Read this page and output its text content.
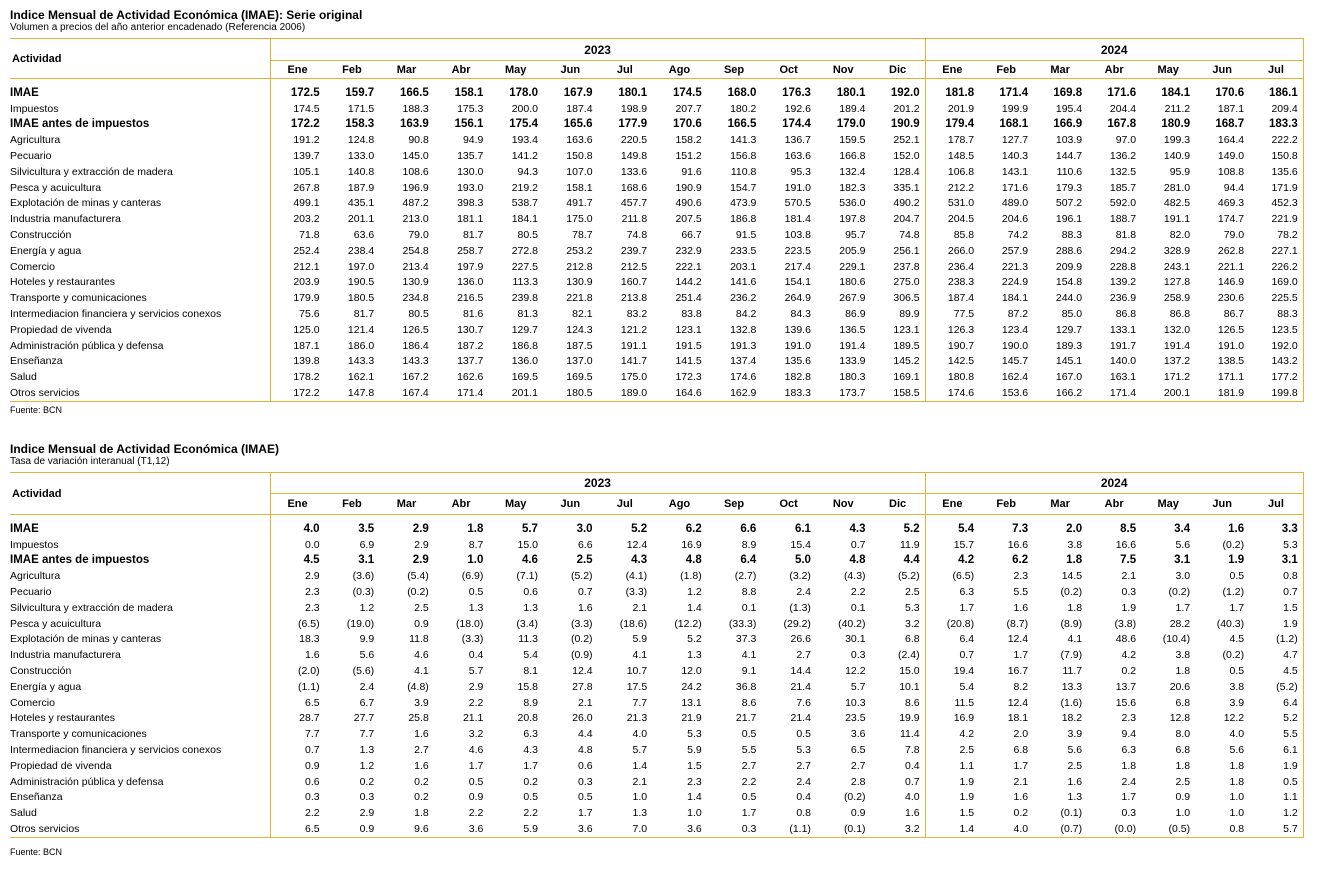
Indice Mensual de Actividad Económica (IMAE): Serie original
Volumen a precios del año anterior encadenado (Referencia 2006)
Actividad	2023												2024						
	Ene	Feb	Mar	Abr	May	Jun	Jul	Ago	Sep	Oct	Nov	Dic	Ene	Feb	Mar	Abr	May	Jun	Jul

IMAE	172.5	159.7	166.5	158.1	178.0	167.9	180.1	174.5	168.0	176.3	180.1	192.0	181.8	171.4	169.8	171.6	184.1	170.6	186.1
Impuestos	174.5	171.5	188.3	175.3	200.0	187.4	198.9	207.7	180.2	192.6	189.4	201.2	201.9	199.9	195.4	204.4	211.2	187.1	209.4
IMAE antes de impuestos	172.2	158.3	163.9	156.1	175.4	165.6	177.9	170.6	166.5	174.4	179.0	190.9	179.4	168.1	166.9	167.8	180.9	168.7	183.3
Agricultura	191.2	124.8	90.8	94.9	193.4	163.6	220.5	158.2	141.3	136.7	159.5	252.1	178.7	127.7	103.9	97.0	199.3	164.4	222.2
Pecuario	139.7	133.0	145.0	135.7	141.2	150.8	149.8	151.2	156.8	163.6	166.8	152.0	148.5	140.3	144.7	136.2	140.9	149.0	150.8
Silvicultura y extracción de madera	105.1	140.8	108.6	130.0	94.3	107.0	133.6	91.6	110.8	95.3	132.4	128.4	106.8	143.1	110.6	132.5	95.9	108.8	135.6
Pesca y acuicultura	267.8	187.9	196.9	193.0	219.2	158.1	168.6	190.9	154.7	191.0	182.3	335.1	212.2	171.6	179.3	185.7	281.0	94.4	171.9
Explotación de minas y canteras	499.1	435.1	487.2	398.3	538.7	491.7	457.7	490.6	473.9	570.5	536.0	490.2	531.0	489.0	507.2	592.0	482.5	469.3	452.3
Industria manufacturera	203.2	201.1	213.0	181.1	184.1	175.0	211.8	207.5	186.8	181.4	197.8	204.7	204.5	204.6	196.1	188.7	191.1	174.7	221.9
Construcción	71.8	63.6	79.0	81.7	80.5	78.7	74.8	66.7	91.5	103.8	95.7	74.8	85.8	74.2	88.3	81.8	82.0	79.0	78.2
Energía y agua	252.4	238.4	254.8	258.7	272.8	253.2	239.7	232.9	233.5	223.5	205.9	256.1	266.0	257.9	288.6	294.2	328.9	262.8	227.1
Comercio	212.1	197.0	213.4	197.9	227.5	212.8	212.5	222.1	203.1	217.4	229.1	237.8	236.4	221.3	209.9	228.8	243.1	221.1	226.2
Hoteles y restaurantes	203.9	190.5	130.9	136.0	113.3	130.9	160.7	144.2	141.6	154.1	180.6	275.0	238.3	224.9	154.8	139.2	127.8	146.9	169.0
Transporte y comunicaciones	179.9	180.5	234.8	216.5	239.8	221.8	213.8	251.4	236.2	264.9	267.9	306.5	187.4	184.1	244.0	236.9	258.9	230.6	225.5
Intermediacion financiera y servicios conexos	75.6	81.7	80.5	81.6	81.3	82.1	83.2	83.8	84.2	84.3	86.9	89.9	77.5	87.2	85.0	86.8	86.8	86.7	88.3
Propiedad de vivenda	125.0	121.4	126.5	130.7	129.7	124.3	121.2	123.1	132.8	139.6	136.5	123.1	126.3	123.4	129.7	133.1	132.0	126.5	123.5
Administración pública y defensa	187.1	186.0	186.4	187.2	186.8	187.5	191.1	191.5	191.3	191.0	191.4	189.5	190.7	190.0	189.3	191.7	191.4	191.0	192.0
Enseñanza	139.8	143.3	143.3	137.7	136.0	137.0	141.7	141.5	137.4	135.6	133.9	145.2	142.5	145.7	145.1	140.0	137.2	138.5	143.2
Salud	178.2	162.1	167.2	162.6	169.5	169.5	175.0	172.3	174.6	182.8	180.3	169.1	180.8	162.4	167.0	163.1	171.2	171.1	177.2
Otros servicios	172.2	147.8	167.4	171.4	201.1	180.5	189.0	164.6	162.9	183.3	173.7	158.5	174.6	153.6	166.2	171.4	200.1	181.9	199.8
Fuente: BCN
Indice Mensual de Actividad Económica (IMAE)
Tasa de variación interanual (T1,12)
Actividad	2023												2024						
	Ene	Feb	Mar	Abr	May	Jun	Jul	Ago	Sep	Oct	Nov	Dic	Ene	Feb	Mar	Abr	May	Jun	Jul

IMAE	4.0	3.5	2.9	1.8	5.7	3.0	5.2	6.2	6.6	6.1	4.3	5.2	5.4	7.3	2.0	8.5	3.4	1.6	3.3
Impuestos	0.0	6.9	2.9	8.7	15.0	6.6	12.4	16.9	8.9	15.4	0.7	11.9	15.7	16.6	3.8	16.6	5.6	(0.2)	5.3
IMAE antes de impuestos	4.5	3.1	2.9	1.0	4.6	2.5	4.3	4.8	6.4	5.0	4.8	4.4	4.2	6.2	1.8	7.5	3.1	1.9	3.1
Agricultura	2.9	(3.6)	(5.4)	(6.9)	(7.1)	(5.2)	(4.1)	(1.8)	(2.7)	(3.2)	(4.3)	(5.2)	(6.5)	2.3	14.5	2.1	3.0	0.5	0.8
Pecuario	2.3	(0.3)	(0.2)	0.5	0.6	0.7	(3.3)	1.2	8.8	2.4	2.2	2.5	6.3	5.5	(0.2)	0.3	(0.2)	(1.2)	0.7
Silvicultura y extracción de madera	2.3	1.2	2.5	1.3	1.3	1.6	2.1	1.4	0.1	(1.3)	0.1	5.3	1.7	1.6	1.8	1.9	1.7	1.7	1.5
Pesca y acuicultura	(6.5)	(19.0)	0.9	(18.0)	(3.4)	(3.3)	(18.6)	(12.2)	(33.3)	(29.2)	(40.2)	3.2	(20.8)	(8.7)	(8.9)	(3.8)	28.2	(40.3)	1.9
Explotación de minas y canteras	18.3	9.9	11.8	(3.3)	11.3	(0.2)	5.9	5.2	37.3	26.6	30.1	6.8	6.4	12.4	4.1	48.6	(10.4)	4.5	(1.2)
Industria manufacturera	1.6	5.6	4.6	0.4	5.4	(0.9)	4.1	1.3	4.1	2.7	0.3	(2.4)	0.7	1.7	(7.9)	4.2	3.8	(0.2)	4.7
Construcción	(2.0)	(5.6)	4.1	5.7	8.1	12.4	10.7	12.0	9.1	14.4	12.2	15.0	19.4	16.7	11.7	0.2	1.8	0.5	4.5
Energía y agua	(1.1)	2.4	(4.8)	2.9	15.8	27.8	17.5	24.2	36.8	21.4	5.7	10.1	5.4	8.2	13.3	13.7	20.6	3.8	(5.2)
Comercio	6.5	6.7	3.9	2.2	8.9	2.1	7.7	13.1	8.6	7.6	10.3	8.6	11.5	12.4	(1.6)	15.6	6.8	3.9	6.4
Hoteles y restaurantes	28.7	27.7	25.8	21.1	20.8	26.0	21.3	21.9	21.7	21.4	23.5	19.9	16.9	18.1	18.2	2.3	12.8	12.2	5.2
Transporte y comunicaciones	7.7	7.7	1.6	3.2	6.3	4.4	4.0	5.3	0.5	0.5	3.6	11.4	4.2	2.0	3.9	9.4	8.0	4.0	5.5
Intermediacion financiera y servicios conexos	0.7	1.3	2.7	4.6	4.3	4.8	5.7	5.9	5.5	5.3	6.5	7.8	2.5	6.8	5.6	6.3	6.8	5.6	6.1
Propiedad de vivenda	0.9	1.2	1.6	1.7	1.7	0.6	1.4	1.5	2.7	2.7	2.7	0.4	1.1	1.7	2.5	1.8	1.8	1.8	1.9
Administración pública y defensa	0.6	0.2	0.2	0.5	0.2	0.3	2.1	2.3	2.2	2.4	2.8	0.7	1.9	2.1	1.6	2.4	2.5	1.8	0.5
Enseñanza	0.3	0.3	0.2	0.9	0.5	0.5	1.0	1.4	0.5	0.4	(0.2)	4.0	1.9	1.6	1.3	1.7	0.9	1.0	1.1
Salud	2.2	2.9	1.8	2.2	2.2	1.7	1.3	1.0	1.7	0.8	0.9	1.6	1.5	0.2	(0.1)	0.3	1.0	1.0	1.2
Otros servicios	6.5	0.9	9.6	3.6	5.9	3.6	7.0	3.6	0.3	(1.1)	(0.1)	3.2	1.4	4.0	(0.7)	(0.0)	(0.5)	0.8	5.7
Fuente: BCN
